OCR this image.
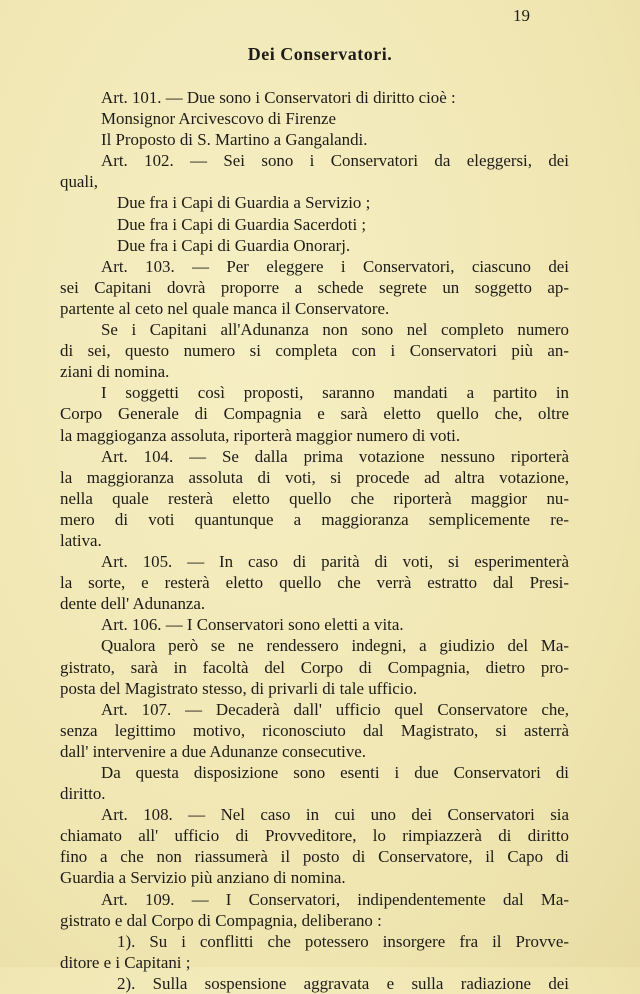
19

Dei Conservatori.
Art. 101. — Due sono i Conservatori di diritto cioè :
Monsignor Arcivescovo di Firenze
Il Proposto di S. Martino a Gangalandi.
Art. 102. — Sei sono i Conservatori da eleggersi, dei
quali,
Due fra i Capi di Guardia a Servizio ;
Due fra i Capi di Guardia Sacerdoti ;
Due fra i Capi di Guardia Onorarj.
Art. 103. — Per eleggere i Conservatori, ciascuno dei
sei Capitani dovrà proporre a schede segrete un soggetto ap-
partente al ceto nel quale manca il Conservatore.
Se i Capitani all'Adunanza non sono nel completo numero
di sei, questo numero si completa con i Conservatori più an-
ziani di nomina.
I soggetti così proposti, saranno mandati a partito in
Corpo Generale di Compagnia e sarà eletto quello che, oltre
la maggioganza assoluta, riporterà maggior numero di voti.
Art. 104. — Se dalla prima votazione nessuno riporterà
la maggioranza assoluta di voti, si procede ad altra votazione,
nella quale resterà eletto quello che riporterà maggior nu-
mero di voti quantunque a maggioranza semplicemente re-
lativa.
Art. 105. — In caso di parità di voti, si esperimenterà
la sorte, e resterà eletto quello che verrà estratto dal Presi-
dente dell' Adunanza.
Art. 106. — I Conservatori sono eletti a vita.
Qualora però se ne rendessero indegni, a giudizio del Ma-
gistrato, sarà in facoltà del Corpo di Compagnia, dietro pro-
posta del Magistrato stesso, di privarli di tale ufficio.
Art. 107. — Decaderà dall' ufficio quel Conservatore che,
senza legittimo motivo, riconosciuto dal Magistrato, si asterrà
dall' intervenire a due Adunanze consecutive.
Da questa disposizione sono esenti i due Conservatori di
diritto.
Art. 108. — Nel caso in cui uno dei Conservatori sia
chiamato all' ufficio di Provveditore, lo rimpiazzerà di diritto
fino a che non riassumerà il posto di Conservatore, il Capo di
Guardia a Servizio più anziano di nomina.
Art. 109. — I Conservatori, indipendentemente dal Ma-
gistrato e dal Corpo di Compagnia, deliberano :
1). Su i conflitti che potessero insorgere fra il Provve-
ditore e i Capitani ;
2). Sulla sospensione aggravata e sulla radiazione dei
